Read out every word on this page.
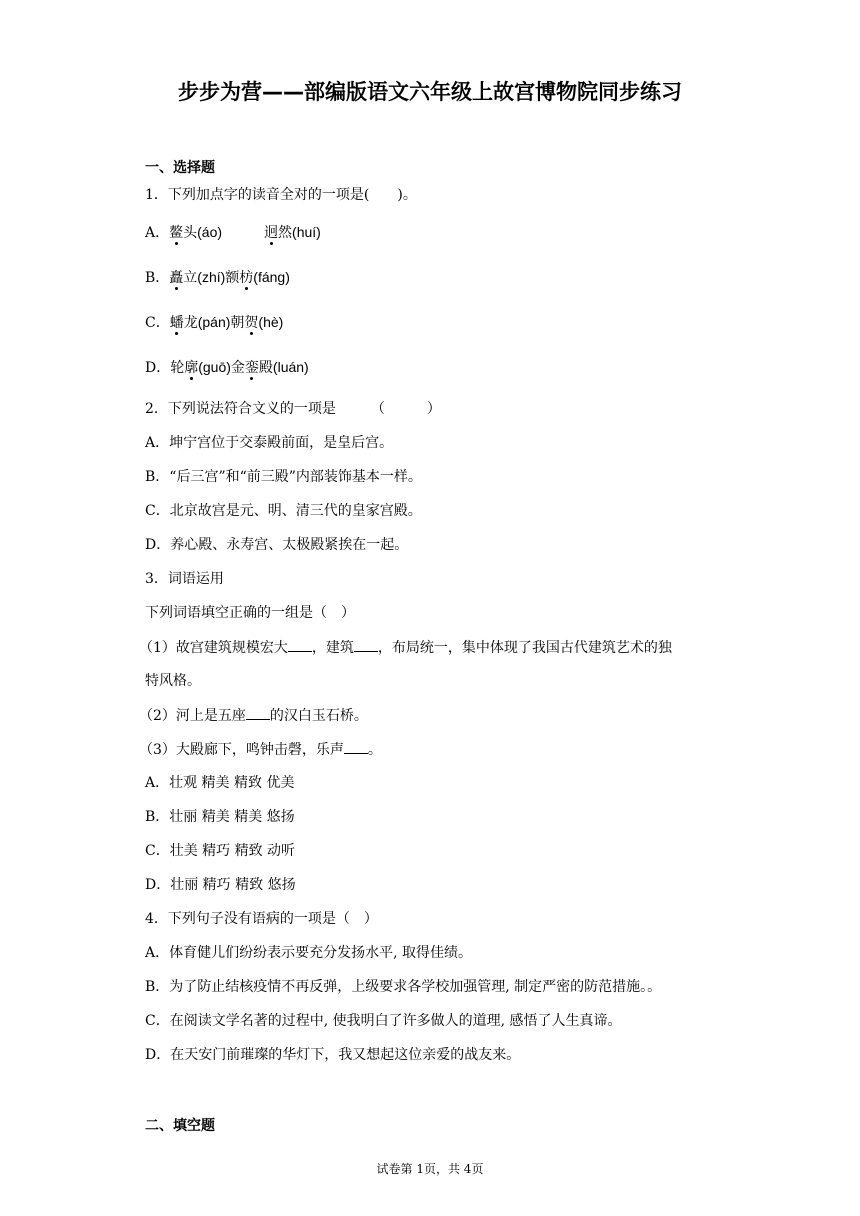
步步为营——部编版语文六年级上故宫博物院同步练习
一、选择题
1．下列加点字的读音全对的一项是(　　)。
A．鳌头(áo)　　　	迥然(huí)
B．矗立(zhí)额枋(fánɡ)
C．蟠龙(pán)朝贺(hè)
D．轮廓(ɡuō)金銮殿(luán)
2．下列说法符合文义的一项是　　　（　　　）
A．坤宁宫位于交泰殿前面，是皇后宫。
B．“后三宫”和“前三殿”内部装饰基本一样。
C．北京故宫是元、明、清三代的皇家宫殿。
D．养心殿、永寿宫、太极殿紧挨在一起。
3．词语运用
下列词语填空正确的一组是（　）
（1）故宫建筑规模宏大 ，建筑 ，布局统一，集中体现了我国古代建筑艺术的独
特风格。
（2）河上是五座 的汉白玉石桥。
（3）大殿廊下，鸣钟击磬，乐声 。
A．壮观 精美 精致 优美
B．壮丽 精美 精美 悠扬
C．壮美 精巧 精致 动听
D．壮丽 精巧 精致 悠扬
4．下列句子没有语病的一项是（　）
A．体育健儿们纷纷表示要充分发扬水平, 取得佳绩。
B．为了防止结核疫情不再反弹，上级要求各学校加强管理, 制定严密的防范措施。。
C．在阅读文学名著的过程中, 使我明白了许多做人的道理, 感悟了人生真谛。
D．在天安门前璀璨的华灯下，我又想起这位亲爱的战友来。
二、填空题
试卷第 1页，共 4页
